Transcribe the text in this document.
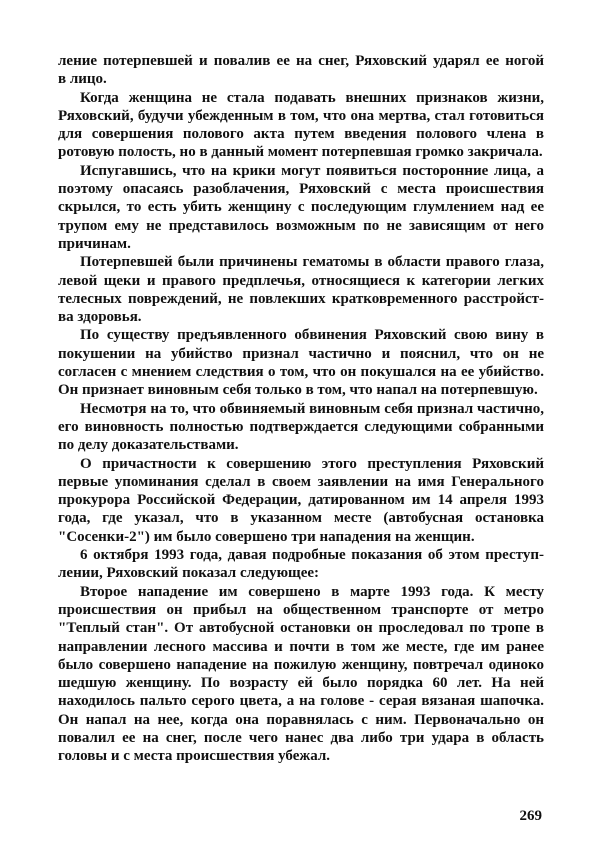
ление потерпевшей и повалив ее на снег, Ряховский ударял ее ногой
в лицо.
Когда женщина не стала подавать внешних признаков жизни,
Ряховский, будучи убежденным в том, что она мертва, стал готовиться
для совершения полового акта путем введения полового члена в
ротовую полость, но в данный момент потерпевшая громко закричала.
Испугавшись, что на крики могут появиться посторонние лица, а
поэтому опасаясь разоблачения, Ряховский с места происшествия
скрылся, то есть убить женщину с последующим глумлением над ее
трупом ему не представилось возможным по не зависящим от него
причинам.
Потерпевшей были причинены гематомы в области правого глаза,
левой щеки и правого предплечья, относящиеся к категории легких
телесных повреждений, не повлекших кратковременного расстройст-
ва здоровья.
По существу предъявленного обвинения Ряховский свою вину в
покушении на убийство признал частично и пояснил, что он не
согласен с мнением следствия о том, что он покушался на ее убийство.
Он признает виновным себя только в том, что напал на потерпевшую.
Несмотря на то, что обвиняемый виновным себя признал частично,
его виновность полностью подтверждается следующими собранными
по делу доказательствами.
О причастности к совершению этого преступления Ряховский
первые упоминания сделал в своем заявлении на имя Генерального
прокурора Российской Федерации, датированном им 14 апреля 1993
года, где указал, что в указанном месте (автобусная остановка
"Сосенки-2") им было совершено три нападения на женщин.
6 октября 1993 года, давая подробные показания об этом преступ-
лении, Ряховский показал следующее:
Второе нападение им совершено в марте 1993 года. К месту
происшествия он прибыл на общественном транспорте от метро
"Теплый стан". От автобусной остановки он проследовал по тропе в
направлении лесного массива и почти в том же месте, где им ранее
было совершено нападение на пожилую женщину, повтречал одиноко
шедшую женщину. По возрасту ей было порядка 60 лет. На ней
находилось пальто серого цвета, а на голове - серая вязаная шапочка.
Он напал на нее, когда она поравнялась с ним. Первоначально он
повалил ее на снег, после чего нанес два либо три удара в область
головы и с места происшествия убежал.
269
